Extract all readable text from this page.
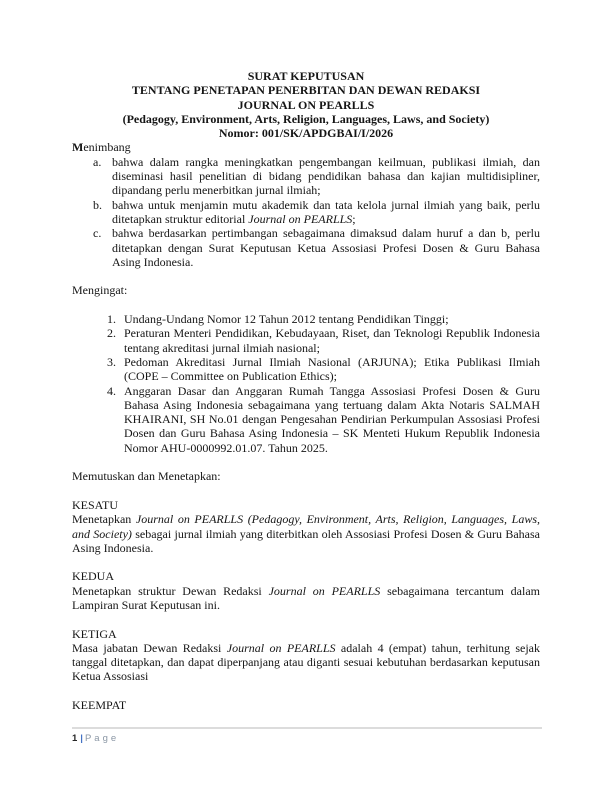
SURAT KEPUTUSAN
TENTANG PENETAPAN PENERBITAN DAN DEWAN REDAKSI
JOURNAL ON PEARLLS
(Pedagogy, Environment, Arts, Religion, Languages, Laws, and Society)
Nomor: 001/SK/APDGBAI/I/2026
Menimbang
a. bahwa dalam rangka meningkatkan pengembangan keilmuan, publikasi ilmiah, dan diseminasi hasil penelitian di bidang pendidikan bahasa dan kajian multidisipliner, dipandang perlu menerbitkan jurnal ilmiah;
b. bahwa untuk menjamin mutu akademik dan tata kelola jurnal ilmiah yang baik, perlu ditetapkan struktur editorial Journal on PEARLLS;
c. bahwa berdasarkan pertimbangan sebagaimana dimaksud dalam huruf a dan b, perlu ditetapkan dengan Surat Keputusan Ketua Assosiasi Profesi Dosen & Guru Bahasa Asing Indonesia.
Mengingat:
1. Undang-Undang Nomor 12 Tahun 2012 tentang Pendidikan Tinggi;
2. Peraturan Menteri Pendidikan, Kebudayaan, Riset, dan Teknologi Republik Indonesia tentang akreditasi jurnal ilmiah nasional;
3. Pedoman Akreditasi Jurnal Ilmiah Nasional (ARJUNA); Etika Publikasi Ilmiah (COPE – Committee on Publication Ethics);
4. Anggaran Dasar dan Anggaran Rumah Tangga Assosiasi Profesi Dosen & Guru Bahasa Asing Indonesia sebagaimana yang tertuang dalam Akta Notaris SALMAH KHAIRANI, SH No.01 dengan Pengesahan Pendirian Perkumpulan Assosiasi Profesi Dosen dan Guru Bahasa Asing Indonesia – SK Menteti Hukum Republik Indonesia Nomor AHU-0000992.01.07. Tahun 2025.
Memutuskan dan Menetapkan:
KESATU
Menetapkan Journal on PEARLLS (Pedagogy, Environment, Arts, Religion, Languages, Laws, and Society) sebagai jurnal ilmiah yang diterbitkan oleh Assosiasi Profesi Dosen & Guru Bahasa Asing Indonesia.
KEDUA
Menetapkan struktur Dewan Redaksi Journal on PEARLLS sebagaimana tercantum dalam Lampiran Surat Keputusan ini.
KETIGA
Masa jabatan Dewan Redaksi Journal on PEARLLS adalah 4 (empat) tahun, terhitung sejak tanggal ditetapkan, dan dapat diperpanjang atau diganti sesuai kebutuhan berdasarkan keputusan Ketua Assosiasi
KEEMPAT
1 | Page
